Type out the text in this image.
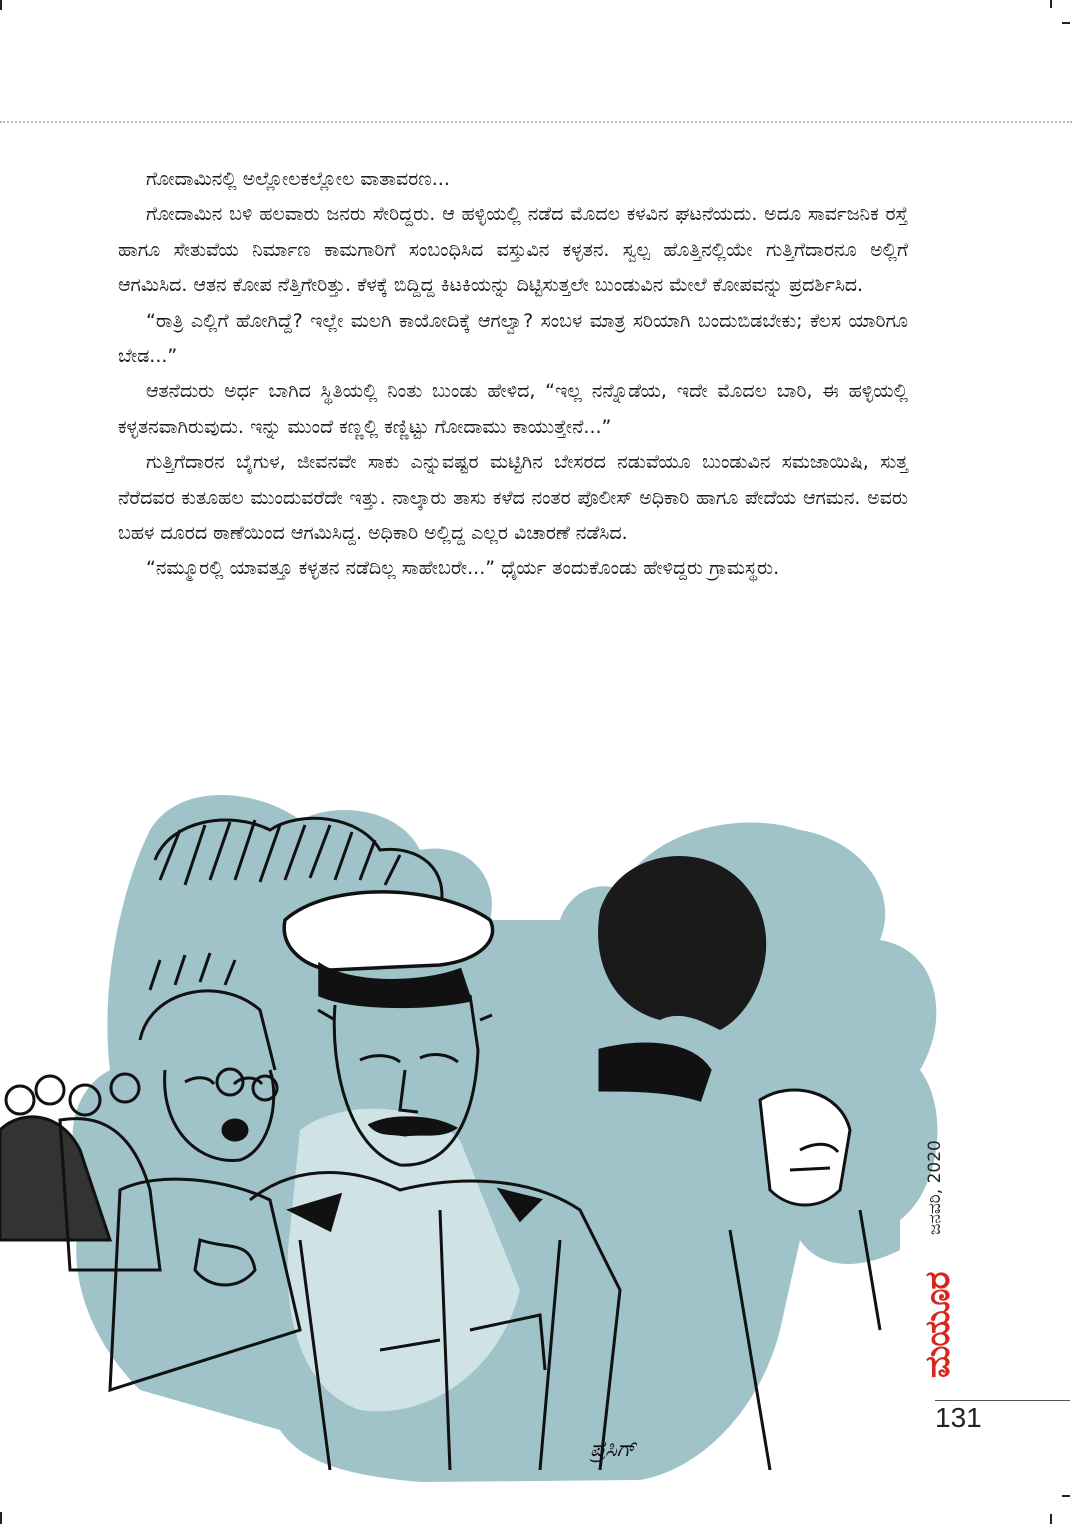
ಗೋದಾಮಿನಲ್ಲಿ ಅಲ್ಲೋಲಕಲ್ಲೋಲ ವಾತಾವರಣ...

ಗೋದಾಮಿನ ಬಳಿ ಹಲವಾರು ಜನರು ಸೇರಿದ್ದರು. ಆ ಹಳ್ಳಿಯಲ್ಲಿ ನಡೆದ ಮೊದಲ ಕಳವಿನ ಘಟನೆಯದು. ಅದೂ ಸಾರ್ವಜನಿಕ ರಸ್ತೆ ಹಾಗೂ ಸೇತುವೆಯ ನಿರ್ಮಾಣ ಕಾಮಗಾರಿಗೆ ಸಂಬಂಧಿಸಿದ ವಸ್ತುವಿನ ಕಳ್ಳತನ. ಸ್ವಲ್ಪ ಹೊತ್ತಿನಲ್ಲಿಯೇ ಗುತ್ತಿಗೆದಾರನೂ ಅಲ್ಲಿಗೆ ಆಗಮಿಸಿದ. ಆತನ ಕೋಪ ನೆತ್ತಿಗೇರಿತ್ತು. ಕೆಳಕ್ಕೆ ಬಿದ್ದಿದ್ದ ಕಿಟಕಿಯನ್ನು ದಿಟ್ಟಿಸುತ್ತಲೇ ಬುಂಡುವಿನ ಮೇಲೆ ಕೋಪವನ್ನು ಪ್ರದರ್ಶಿಸಿದ.

“ರಾತ್ರಿ ಎಲ್ಲಿಗೆ ಹೋಗಿದ್ದೆ? ಇಲ್ಲೇ ಮಲಗಿ ಕಾಯೋದಿಕ್ಕೆ ಆಗಲ್ವಾ? ಸಂಬಳ ಮಾತ್ರ ಸರಿಯಾಗಿ ಬಂದುಬಿಡಬೇಕು; ಕೆಲಸ ಯಾರಿಗೂ ಬೇಡ...”

ಆತನೆದುರು ಅರ್ಧ ಬಾಗಿದ ಸ್ಥಿತಿಯಲ್ಲಿ ನಿಂತು ಬುಂಡು ಹೇಳಿದ, “ಇಲ್ಲ ನನ್ನೊಡೆಯ, ಇದೇ ಮೊದಲ ಬಾರಿ, ಈ ಹಳ್ಳಿಯಲ್ಲಿ ಕಳ್ಳತನವಾಗಿರುವುದು. ಇನ್ನು ಮುಂದೆ ಕಣ್ಣಲ್ಲಿ ಕಣ್ಣಿಟ್ಟು ಗೋದಾಮು ಕಾಯುತ್ತೇನೆ...”

ಗುತ್ತಿಗೆದಾರನ ಬೈಗುಳ, ಜೀವನವೇ ಸಾಕು ಎನ್ನುವಷ್ಟರ ಮಟ್ಟಿಗಿನ ಬೇಸರದ ನಡುವೆಯೂ ಬುಂಡುವಿನ ಸಮಜಾಯಿಷಿ, ಸುತ್ತ ನೆರೆದವರ ಕುತೂಹಲ ಮುಂದುವರೆದೇ ಇತ್ತು. ನಾಲ್ಕಾರು ತಾಸು ಕಳೆದ ನಂತರ ಪೊಲೀಸ್ ಅಧಿಕಾರಿ ಹಾಗೂ ಪೇದೆಯ ಆಗಮನ. ಅವರು ಬಹಳ ದೂರದ ಠಾಣೆಯಿಂದ ಆಗಮಿಸಿದ್ದ. ಅಧಿಕಾರಿ ಅಲ್ಲಿದ್ದ ಎಲ್ಲರ ವಿಚಾರಣೆ ನಡೆಸಿದ.

“ನಮ್ಮೂರಲ್ಲಿ ಯಾವತ್ತೂ ಕಳ್ಳತನ ನಡೆದಿಲ್ಲ ಸಾಹೇಬರೇ...” ಧೈರ್ಯ ತಂದುಕೊಂಡು ಹೇಳಿದ್ದರು ಗ್ರಾಮಸ್ಥರು.

ಪ್ರಸಿಗ್
ಜನವರಿ, 2020
ಮಯೂರ
131
